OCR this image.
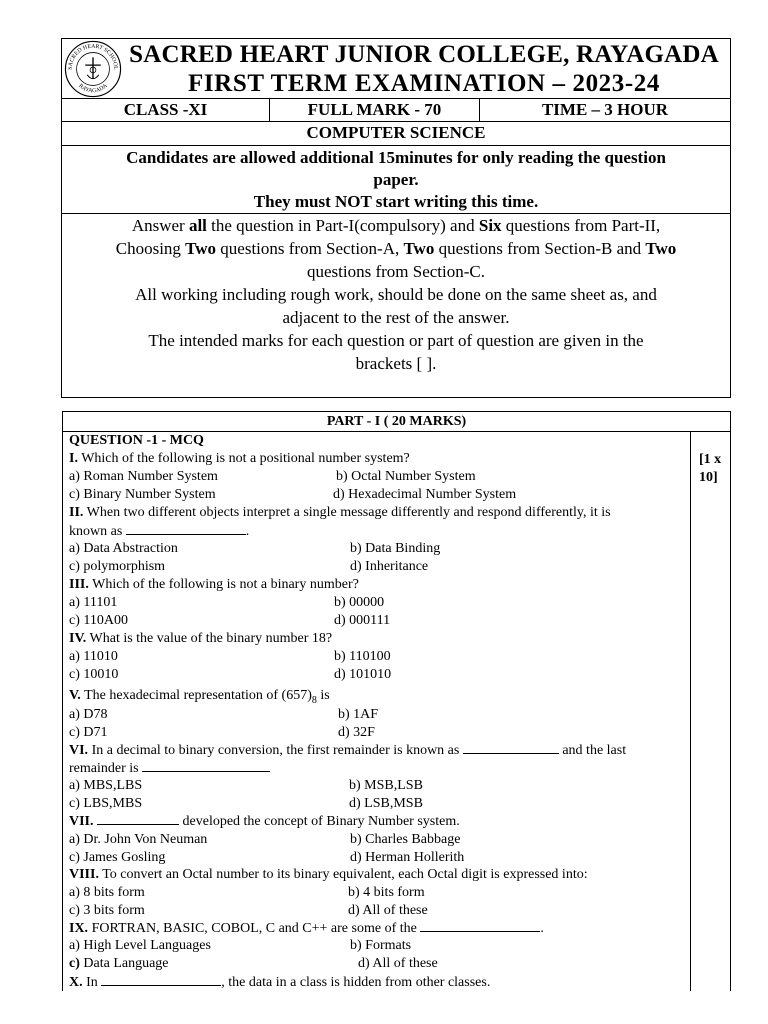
SACRED HEART JUNIOR COLLEGE, RAYAGADA
FIRST TERM EXAMINATION – 2023-24
CLASS -XI	FULL MARK - 70	TIME – 3 HOUR
COMPUTER SCIENCE
Candidates are allowed additional 15minutes for only reading the question
paper.
They must NOT start writing this time.
Answer all the question in Part-I(compulsory) and Six questions from Part-II,
Choosing Two questions from Section-A, Two questions from Section-B and Two
questions from Section-C.
All working including rough work, should be done on the same sheet as, and
adjacent to the rest of the answer.
The intended marks for each question or part of question are given in the
brackets [ ].
SACRED HEART SCHOOL
RAYAGADA
PART - I ( 20 MARKS)
QUESTION -1 - MCQ
[1 x
10]
I. Which of the following is not a positional number system?
a) Roman Number System	b) Octal Number System
c) Binary Number System	d) Hexadecimal Number System
II. When two different objects interpret a single message differently and respond differently, it is
known as	.
a) Data Abstraction	b) Data Binding
c) polymorphism	d) Inheritance
III. Which of the following is not a binary number?
a) 11101	b) 00000
c) 110A00	d) 000111
IV. What is the value of the binary number 18?
a) 11010	b) 110100
c) 10010	d) 101010
V. The hexadecimal representation of $(657)_8$ is
a) D78	b) 1AF
c) D71	d) 32F
VI. In a decimal to binary conversion, the first remainder is known as	and the last
remainder is
a) MBS,LBS	b) MSB,LSB
c) LBS,MBS	d) LSB,MSB
VII.	developed the concept of Binary Number system.
a) Dr. John Von Neuman	b) Charles Babbage
c) James Gosling	d) Herman Hollerith
VIII. To convert an Octal number to its binary equivalent, each Octal digit is expressed into:
a) 8 bits form	b) 4 bits form
c) 3 bits form	d) All of these
IX. FORTRAN, BASIC, COBOL, C and C++ are some of the	.
a) High Level Languages	b) Formats
c) Data Language	d) All of these
X. In	, the data in a class is hidden from other classes.
